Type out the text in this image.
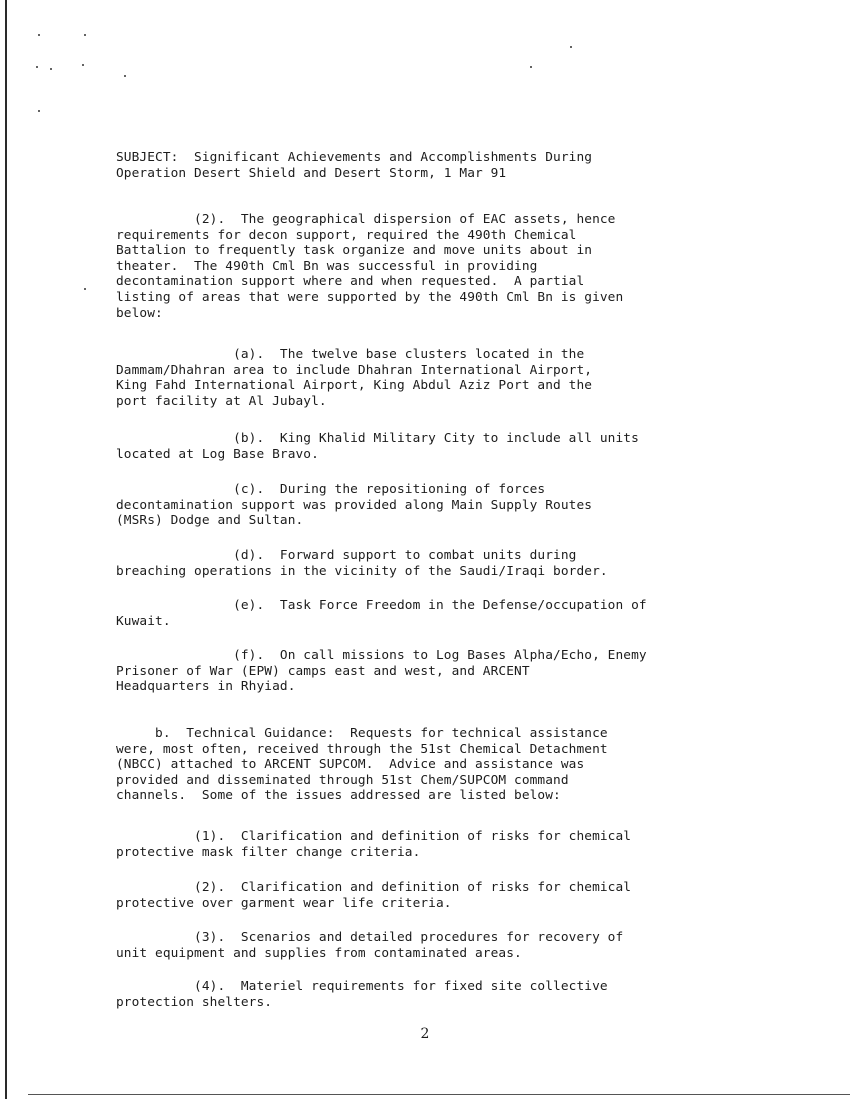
SUBJECT:  Significant Achievements and Accomplishments During
Operation Desert Shield and Desert Storm, 1 Mar 91
(2).  The geographical dispersion of EAC assets, hence
requirements for decon support, required the 490th Chemical
Battalion to frequently task organize and move units about in
theater.  The 490th Cml Bn was successful in providing
decontamination support where and when requested.  A partial
listing of areas that were supported by the 490th Cml Bn is given
below:
(a).  The twelve base clusters located in the
Dammam/Dhahran area to include Dhahran International Airport,
King Fahd International Airport, King Abdul Aziz Port and the
port facility at Al Jubayl.
(b).  King Khalid Military City to include all units
located at Log Base Bravo.
(c).  During the repositioning of forces
decontamination support was provided along Main Supply Routes
(MSRs) Dodge and Sultan.
(d).  Forward support to combat units during
breaching operations in the vicinity of the Saudi/Iraqi border.
(e).  Task Force Freedom in the Defense/occupation of
Kuwait.
(f).  On call missions to Log Bases Alpha/Echo, Enemy
Prisoner of War (EPW) camps east and west, and ARCENT
Headquarters in Rhyiad.
b.  Technical Guidance:  Requests for technical assistance
were, most often, received through the 51st Chemical Detachment
(NBCC) attached to ARCENT SUPCOM.  Advice and assistance was
provided and disseminated through 51st Chem/SUPCOM command
channels.  Some of the issues addressed are listed below:
(1).  Clarification and definition of risks for chemical
protective mask filter change criteria.
(2).  Clarification and definition of risks for chemical
protective over garment wear life criteria.
(3).  Scenarios and detailed procedures for recovery of
unit equipment and supplies from contaminated areas.
(4).  Materiel requirements for fixed site collective
protection shelters.
2
